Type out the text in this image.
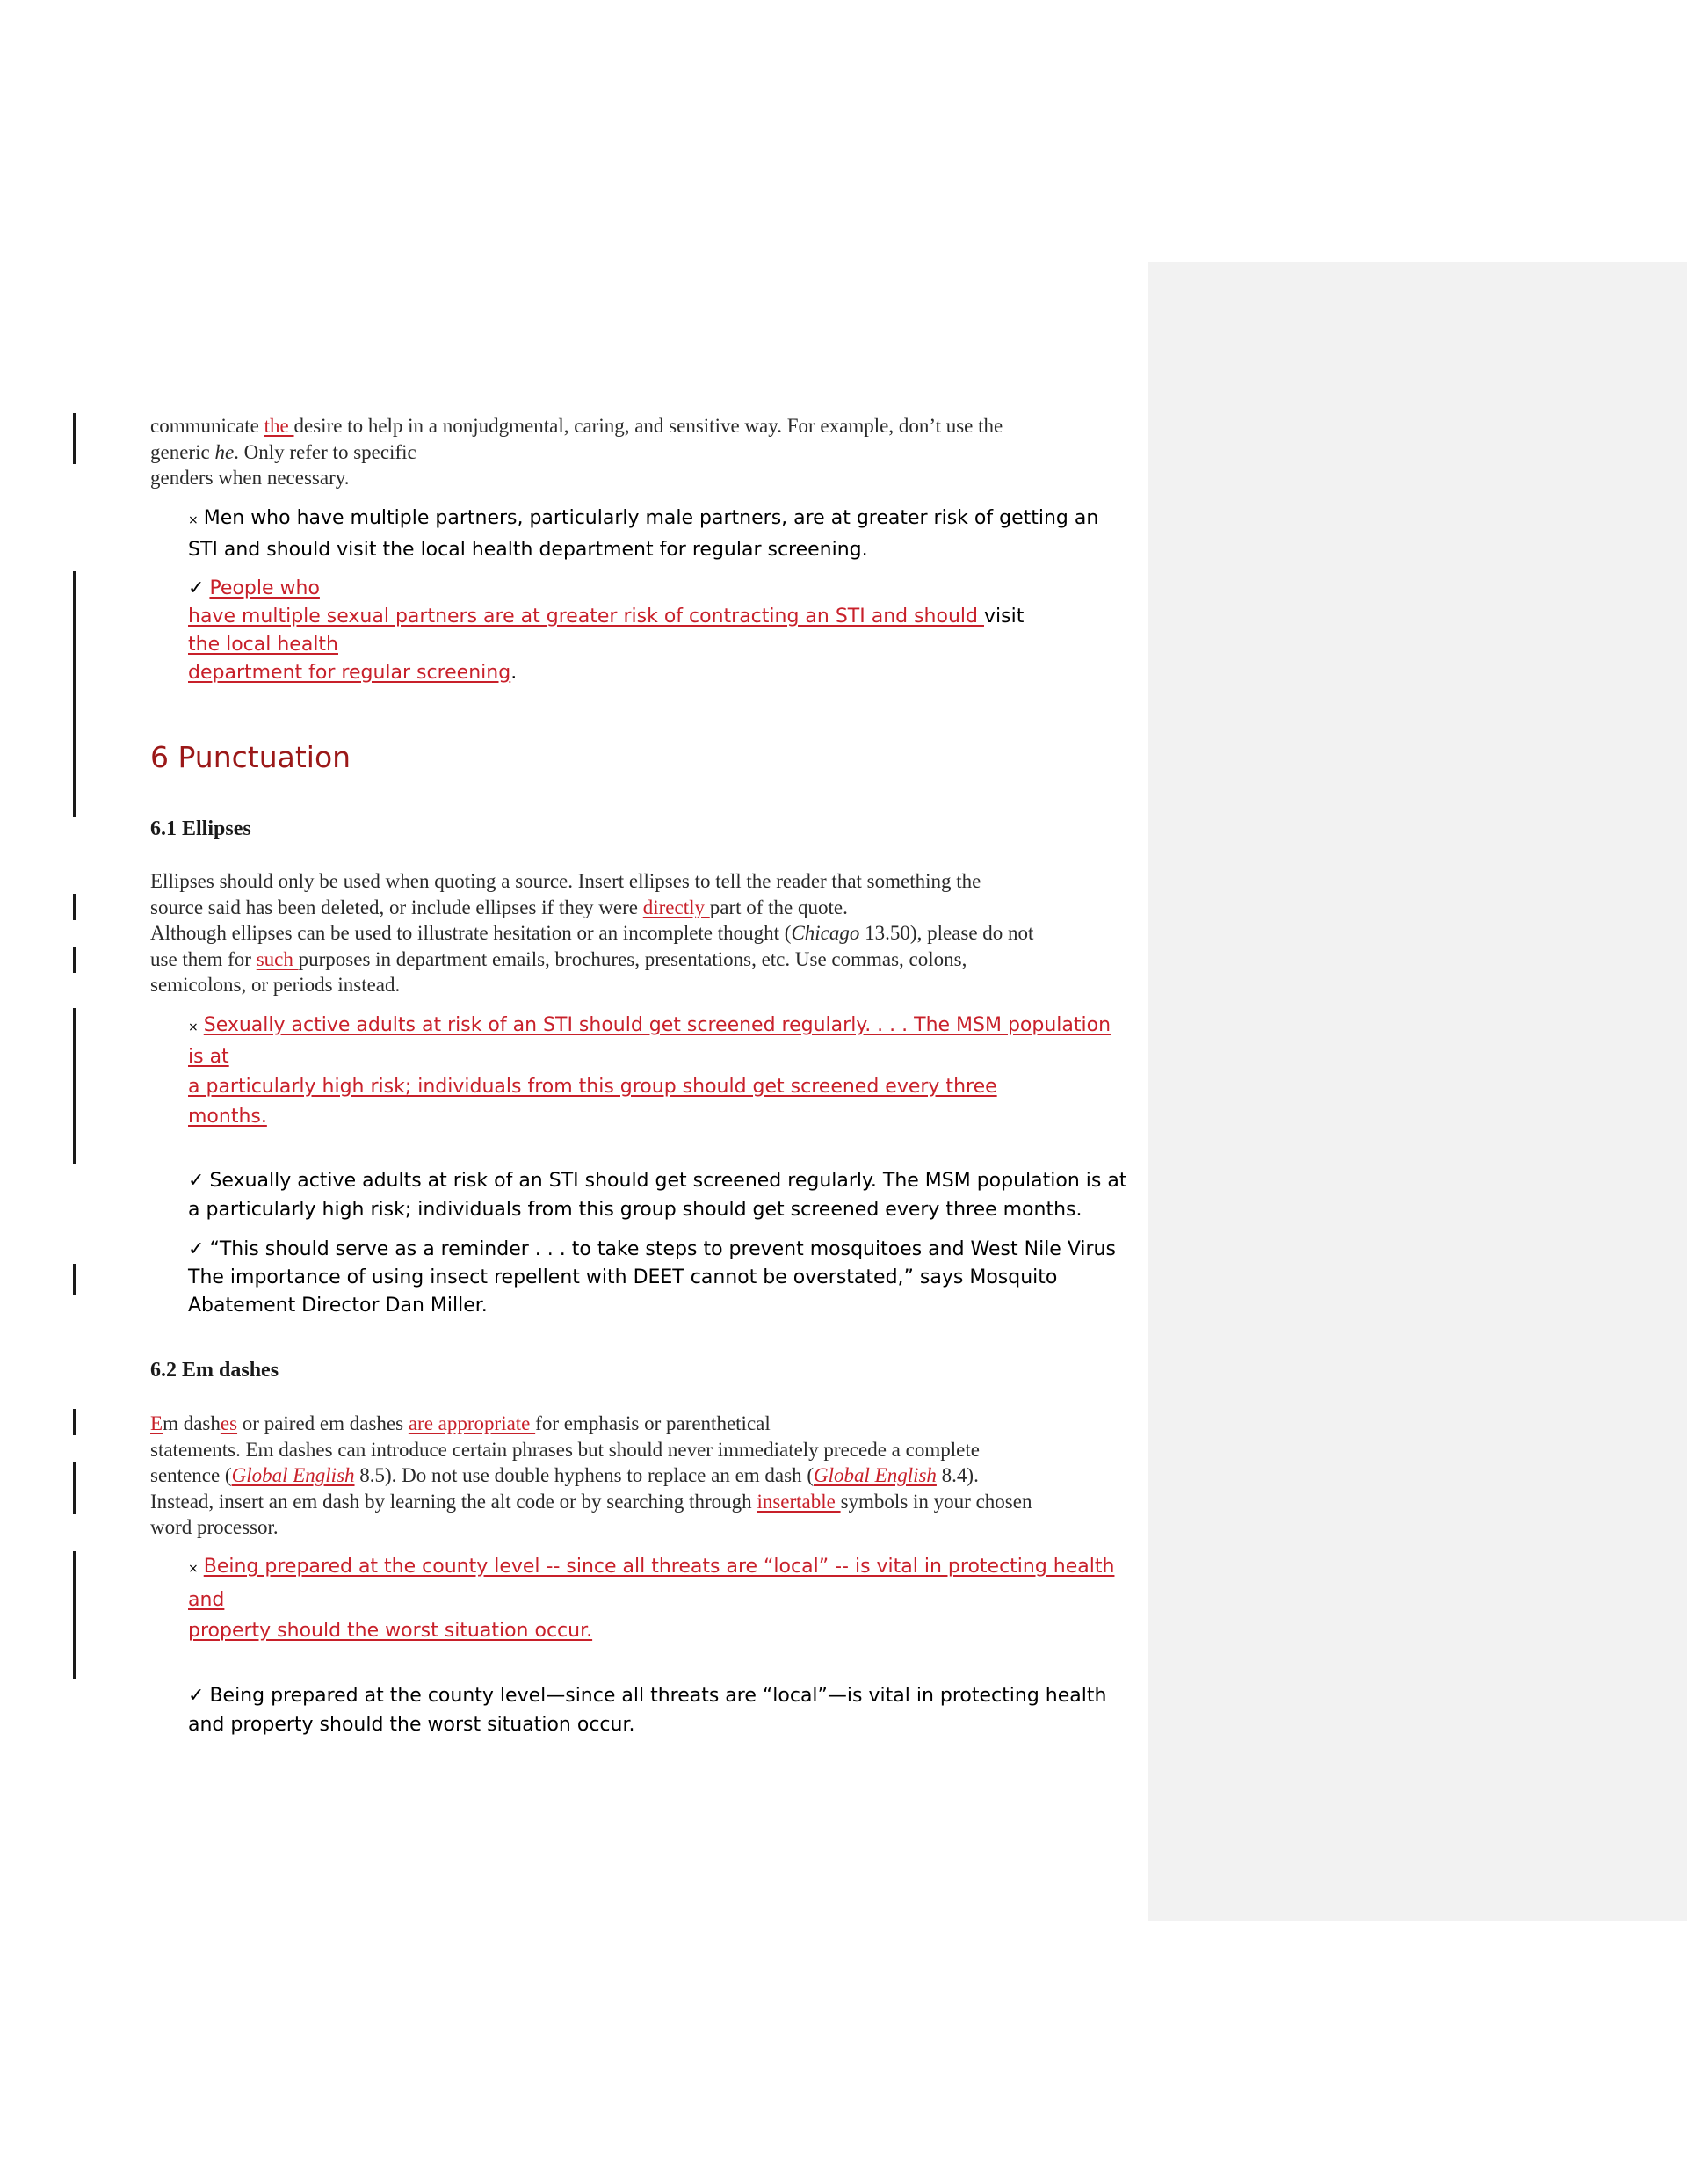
communicate the desire to help in a nonjudgmental, caring, and sensitive way. For example, don’t use the
generic he. Only refer to specific
genders when necessary.
× Men who have multiple partners, particularly male partners, are at greater risk of getting an STI and should visit the local health department for regular screening.
✓ People who
have multiple sexual partners are at greater risk of contracting an STI and should visit
the local health
department for regular screening.
6 Punctuation
6.1 Ellipses
Ellipses should only be used when quoting a source. Insert ellipses to tell the reader that something the
source said has been deleted, or include ellipses if they were directly part of the quote.
Although ellipses can be used to illustrate hesitation or an incomplete thought (Chicago 13.50), please do not
use them for such purposes in department emails, brochures, presentations, etc. Use commas, colons,
semicolons, or periods instead.
× Sexually active adults at risk of an STI should get screened regularly. . . . The MSM population is at
a particularly high risk; individuals from this group should get screened every three
months.
✓ Sexually active adults at risk of an STI should get screened regularly. The MSM population is at a particularly high risk; individuals from this group should get screened every three months.
✓ “This should serve as a reminder . . . to take steps to prevent mosquitoes and West Nile Virus The importance of using insect repellent with DEET cannot be overstated,” says Mosquito Abatement Director Dan Miller.
6.2 Em dashes
Em dashes or paired em dashes are appropriate for emphasis or parenthetical
statements. Em dashes can introduce certain phrases but should never immediately precede a complete
sentence (Global English 8.5). Do not use double hyphens to replace an em dash (Global English 8.4).
Instead, insert an em dash by learning the alt code or by searching through insertable symbols in your chosen
word processor.
× Being prepared at the county level -- since all threats are “local” -- is vital in protecting health and
property should the worst situation occur.
✓ Being prepared at the county level—since all threats are “local”—is vital in protecting health and property should the worst situation occur.
